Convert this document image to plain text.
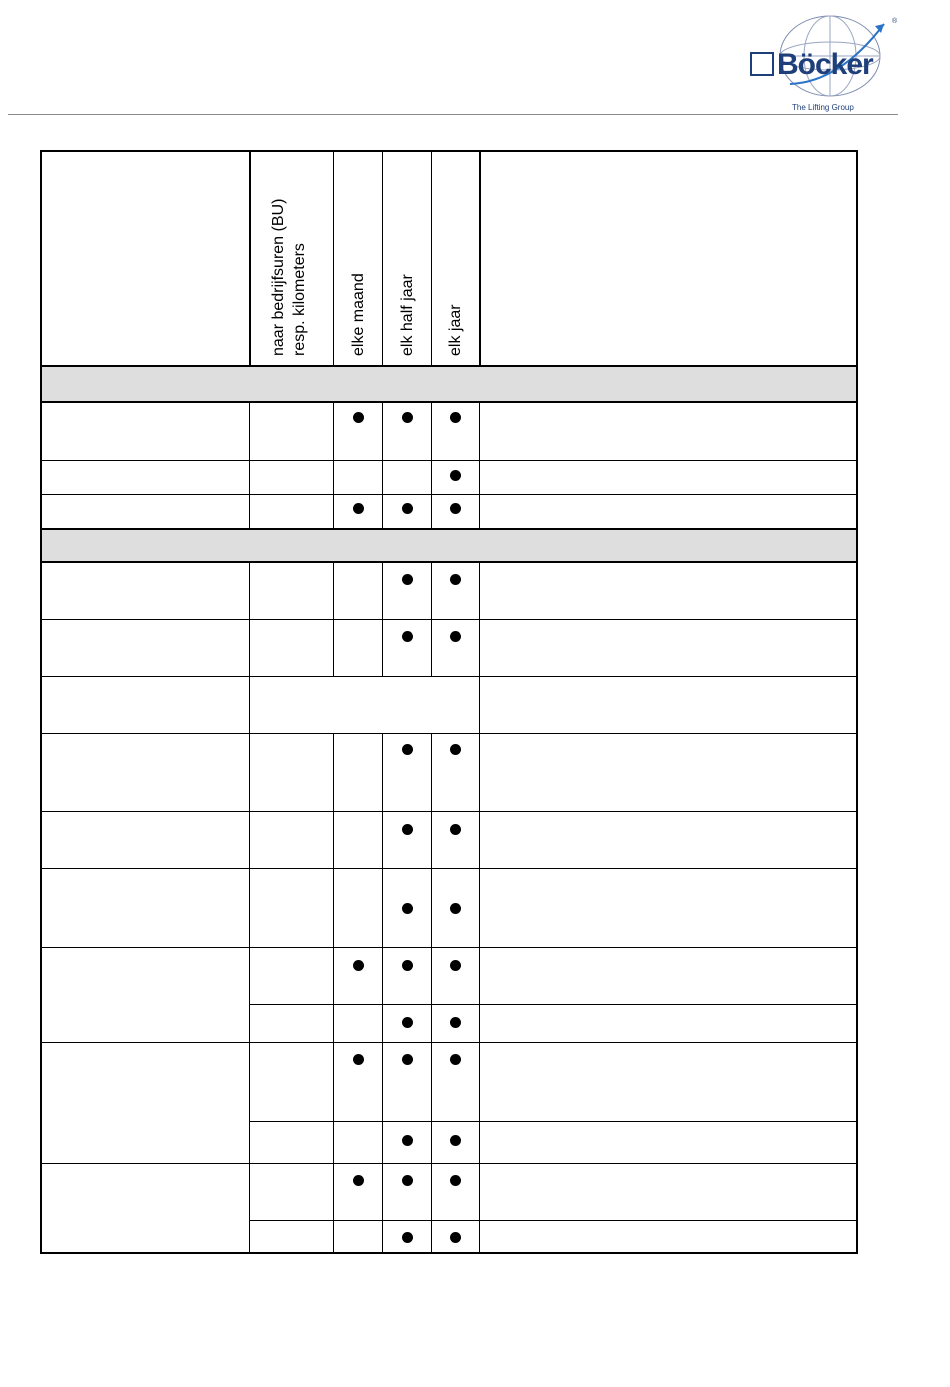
Böcker
®
The Lifting Group
naar bedrijfsuren (BU) resp. kilometers	elke maand elk half jaar elk jaar
